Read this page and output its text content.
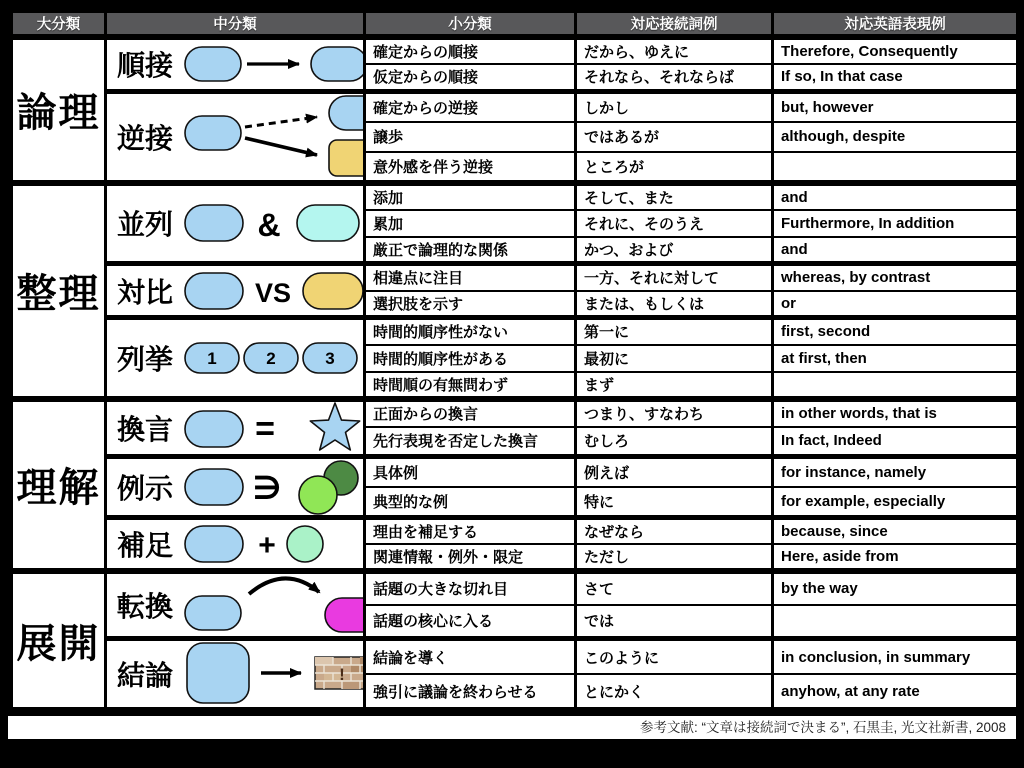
大分類	中分類	小分類	対応接続詞例	対応英語表現例
論理	順接	確定からの順接	だから、ゆえに	Therefore, Consequently
		仮定からの順接	それなら、それならば	If so, In that case

	逆接	確定からの逆接	しかし	but, however
		譲歩	ではあるが	although, despite
		意外感を伴う逆接	ところが	
整理	並列 &	添加	そして、また	and
		累加	それに、そのうえ	Furthermore, In addition
		厳正で論理的な関係	かつ、および	and

	対比 VS	相違点に注目	一方、それに対して	whereas, by contrast
		選択肢を示す	または、もしくは	or

	列挙 1 2 3	時間的順序性がない	第一に	first, second
		時間的順序性がある	最初に	at first, then
		時間順の有無問わず	まず	
理解	換言 =	正面からの換言	つまり、すなわち	in other words, that is
		先行表現を否定した換言	むしろ	In fact, Indeed

	例示 ∋	具体例	例えば	for instance, namely
		典型的な例	特に	for example, especially

	補足 +	理由を補足する	なぜなら	because, since
		関連情報・例外・限定	ただし	Here, aside from
展開	転換	話題の大きな切れ目	さて	by the way
		話題の核心に入る	では	

	結論 !	結論を導く	このように	in conclusion, in summary
		強引に議論を終わらせる	とにかく	anyhow, at any rate
参考文献: “文章は接続詞で決まる”, 石黒圭, 光文社新書, 2008
